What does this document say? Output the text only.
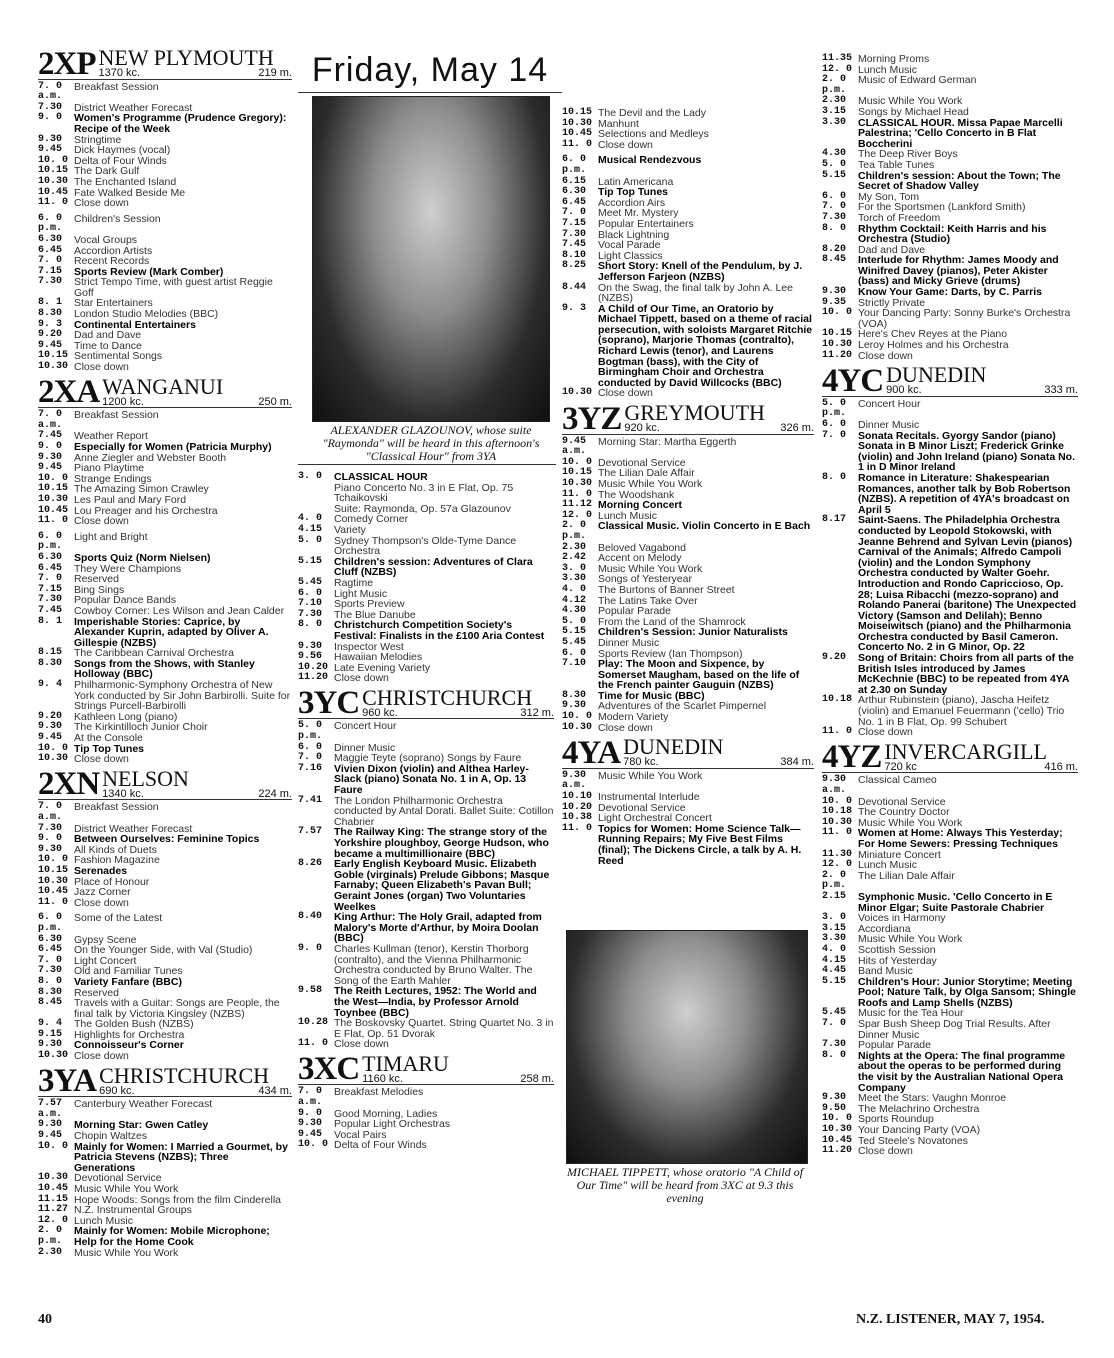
Friday, May 14
2XP NEW PLYMOUTH
1370 kc.	219 m.
7. 0 a.m.
Breakfast Session
7.30	District Weather Forecast
9. 0	Women's Programme (Prudence Gregory): Recipe of the Week
9.30	Stringtime
9.45	Dick Haymes (vocal)
10. 0 Delta of Four Winds
10.15 The Dark Gulf
10.30 The Enchanted Island
10.45 Fate Walked Beside Me
11. 0 Close down
6. 0 p.m.
Children's Session
6.30	Vocal Groups
6.45	Accordion Artists
7. 0	Recent Records
7.15	Sports Review (Mark Comber)
7.30	Strict Tempo Time, with guest artist Reggie Goff
8. 1	Star Entertainers
8.30	London Studio Melodies (BBC)
9. 3	Continental Entertainers
9.20	Dad and Dave
9.45	Time to Dance
10.15 Sentimental Songs
10.30 Close down
2XA WANGANUI
1200 kc.	250 m.
7. 0 a.m.
Breakfast Session
7.45	Weather Report
9. 0	Especially for Women (Patricia Murphy)
9.30	Anne Ziegler and Webster Booth
9.45	Piano Playtime
10. 0 Strange Endings
10.15 The Amazing Simon Crawley
10.30 Les Paul and Mary Ford
10.45 Lou Preager and his Orchestra
11. 0 Close down
6. 0 p.m.
Light and Bright
6.30	Sports Quiz (Norm Nielsen)
6.45	They Were Champions
7. 0	Reserved
7.15	Bing Sings
7.30	Popular Dance Bands
7.45	Cowboy Corner: Les Wilson and Jean Calder
8. 1	Imperishable Stories: Caprice, by Alexander Kuprin, adapted by Oliver A. Gillespie (NZBS)
8.15	The Caribbean Carnival Orchestra
8.30	Songs from the Shows, with Stanley Holloway (BBC)
9. 4	Philharmonic-Symphony Orchestra of New York conducted by Sir John Barbirolli. Suite for Strings Purcell-Barbirolli
9.20	Kathleen Long (piano)
9.30	The Kirkintilloch Junior Choir
9.45	At the Console
10. 0 Tip Top Tunes
10.30 Close down
2XN NELSON
1340 kc.	224 m.
7. 0 a.m.
Breakfast Session
7.30	District Weather Forecast
9. 0	Between Ourselves: Feminine Topics
9.30	All Kinds of Duets
10. 0 Fashion Magazine
10.15 Serenades
10.30 Place of Honour
10.45 Jazz Corner
11. 0 Close down
6. 0 p.m.
Some of the Latest
6.30	Gypsy Scene
6.45	On the Younger Side, with Val (Studio)
7. 0	Light Concert
7.30	Old and Familiar Tunes
8. 0	Variety Fanfare (BBC)
8.30	Reserved
8.45	Travels with a Guitar: Songs are People, the final talk by Victoria Kingsley (NZBS)
9. 4	The Golden Bush (NZBS)
9.15	Highlights for Orchestra
9.30	Connoisseur's Corner
10.30 Close down
3YA CHRISTCHURCH
690 kc.	434 m.
7.57 a.m.
Canterbury Weather Forecast
9.30	Morning Star: Gwen Catley
9.45	Chopin Waltzes
10. 0 Mainly for Women: I Married a Gourmet, by Patricia Stevens (NZBS); Three Generations
10.30 Devotional Service
10.45 Music While You Work
11.15 Hope Woods: Songs from the film Cinderella
11.27 N.Z. Instrumental Groups
12. 0 Lunch Music
2. 0 p.m.
Mainly for Women: Mobile Microphone; Help for the Home Cook
2.30	Music While You Work
3. 0	CLASSICAL HOUR
Piano Concerto No. 3 in E Flat, Op. 75 Tchaikovski
Suite: Raymonda, Op. 57a Glazounov
4. 0	Comedy Corner
4.15	Variety
5. 0	Sydney Thompson's Olde-Tyme Dance Orchestra
5.15	Children's session: Adventures of Clara Cluff (NZBS)
5.45	Ragtime
6. 0	Light Music
7.10	Sports Preview
7.30	The Blue Danube
8. 0	Christchurch Competition Society's Festival: Finalists in the £100 Aria Contest
9.30	Inspector West
9.56	Hawaiian Melodies
10.20 Late Evening Variety
11.20 Close down
3YC CHRISTCHURCH
960 kc.	312 m.
5. 0 p.m.
Concert Hour
6. 0	Dinner Music
7. 0	Maggie Teyte (soprano) Songs by Faure
7.16	Vivien Dixon (violin) and Althea Harley-Slack (piano) Sonata No. 1 in A, Op. 13 Faure
7.41	The London Philharmonic Orchestra conducted by Antal Dorati. Ballet Suite: Cotillon Chabrier
7.57	The Railway King: The strange story of the Yorkshire ploughboy, George Hudson, who became a multimillionaire (BBC)
8.26	Early English Keyboard Music. Elizabeth Goble (virginals) Prelude Gibbons; Masque Farnaby; Queen Elizabeth's Pavan Bull; Geraint Jones (organ) Two Voluntaries Weelkes
8.40	King Arthur: The Holy Grail, adapted from Malory's Morte d'Arthur, by Moira Doolan (BBC)
9. 0	Charles Kullman (tenor), Kerstin Thorborg (contralto), and the Vienna Philharmonic Orchestra conducted by Bruno Walter. The Song of the Earth Mahler
9.58	The Reith Lectures, 1952: The World and the West—India, by Professor Arnold Toynbee (BBC)
10.28 The Boskovsky Quartet. String Quartet No. 3 in E Flat, Op. 51 Dvorak
11. 0 Close down
3XC TIMARU
1160 kc.	258 m.
7. 0 a.m.
Breakfast Melodies
9. 0	Good Morning, Ladies
9.30	Popular Light Orchestras
9.45	Vocal Pairs
10. 0 Delta of Four Winds
10.15 The Devil and the Lady
10.30 Manhunt
10.45 Selections and Medleys
11. 0 Close down
6. 0 p.m.
Musical Rendezvous
6.15	Latin Americana
6.30	Tip Top Tunes
6.45	Accordion Airs
7. 0	Meet Mr. Mystery
7.15	Popular Entertainers
7.30	Black Lightning
7.45	Vocal Parade
8.10	Light Classics
8.25	Short Story: Knell of the Pendulum, by J. Jefferson Farjeon (NZBS)
8.44	On the Swag, the final talk by John A. Lee (NZBS)
9. 3	A Child of Our Time, an Oratorio by Michael Tippett, based on a theme of racial persecution, with soloists Margaret Ritchie (soprano), Marjorie Thomas (contralto), Richard Lewis (tenor), and Laurens Bogtman (bass), with the City of Birmingham Choir and Orchestra conducted by David Willcocks (BBC)
10.30 Close down
3YZ GREYMOUTH
920 kc.	326 m.
9.45 a.m.
Morning Star: Martha Eggerth
10. 0 Devotional Service
10.15 The Lilian Dale Affair
10.30 Music While You Work
11. 0 The Woodshank
11.12 Morning Concert
12. 0 Lunch Music
2. 0 p.m.
Classical Music. Violin Concerto in E Bach
2.30	Beloved Vagabond
2.42	Accent on Melody
3. 0	Music While You Work
3.30	Songs of Yesteryear
4. 0	The Burtons of Banner Street
4.12	The Latins Take Over
4.30	Popular Parade
5. 0	From the Land of the Shamrock
5.15	Children's Session: Junior Naturalists
5.45	Dinner Music
6. 0	Sports Review (Ian Thompson)
7.10	Play: The Moon and Sixpence, by Somerset Maugham, based on the life of the French painter Gauguin (NZBS)
8.30	Time for Music (BBC)
9.30	Adventures of the Scarlet Pimpernel
10. 0 Modern Variety
10.30 Close down
4YA DUNEDIN
780 kc.	384 m.
9.30 a.m.
Music While You Work
10.10 Instrumental Interlude
10.20 Devotional Service
10.38 Light Orchestral Concert
11. 0 Topics for Women: Home Science Talk—Running Repairs; My Five Best Films (final); The Dickens Circle, a talk by A. H. Reed
11.35 Morning Proms
12. 0 Lunch Music
2. 0 p.m.
Music of Edward German
2.30	Music While You Work
3.15	Songs by Michael Head
3.30	CLASSICAL HOUR. Missa Papae Marcelli Palestrina; 'Cello Concerto in B Flat Boccherini
4.30	The Deep River Boys
5. 0	Tea Table Tunes
5.15	Children's session: About the Town; The Secret of Shadow Valley
6. 0	My Son, Tom
7. 0	For the Sportsmen (Lankford Smith)
7.30	Torch of Freedom
8. 0	Rhythm Cocktail: Keith Harris and his Orchestra (Studio)
8.20	Dad and Dave
8.45	Interlude for Rhythm: James Moody and Winifred Davey (pianos), Peter Akister (bass) and Micky Grieve (drums)
9.30	Know Your Game: Darts, by C. Parris
9.35	Strictly Private
10. 0 Your Dancing Party: Sonny Burke's Orchestra (VOA)
10.15 Here's Chev Reyes at the Piano
10.30 Leroy Holmes and his Orchestra
11.20 Close down
4YC DUNEDIN
900 kc.	333 m.
5. 0 p.m.
Concert Hour
6. 0	Dinner Music
7. 0	Sonata Recitals. Gyorgy Sandor (piano) Sonata in B Minor Liszt; Frederick Grinke (violin) and John Ireland (piano) Sonata No. 1 in D Minor Ireland
8. 0	Romance in Literature: Shakespearian Romances, another talk by Bob Robertson (NZBS). A repetition of 4YA's broadcast on April 5
8.17	Saint-Saens. The Philadelphia Orchestra conducted by Leopold Stokowski, with Jeanne Behrend and Sylvan Levin (pianos) Carnival of the Animals; Alfredo Campoli (violin) and the London Symphony Orchestra conducted by Walter Goehr. Introduction and Rondo Capriccioso, Op. 28; Luisa Ribacchi (mezzo-soprano) and Rolando Panerai (baritone) The Unexpected Victory (Samson and Delilah); Benno Moiseiwitsch (piano) and the Philharmonia Orchestra conducted by Basil Cameron. Concerto No. 2 in G Minor, Op. 22
9.20	Song of Britain: Choirs from all parts of the British Isles introduced by James McKechnie (BBC) to be repeated from 4YA at 2.30 on Sunday
10.18 Arthur Rubinstein (piano), Jascha Heifetz (violin) and Emanuel Feuermann ('cello) Trio No. 1 in B Flat, Op. 99 Schubert
11. 0 Close down
4YZ INVERCARGILL
720 kc	416 m.
9.30 a.m.
Classical Cameo
10. 0 Devotional Service
10.18 The Country Doctor
10.30 Music While You Work
11. 0 Women at Home: Always This Yesterday; For Home Sewers: Pressing Techniques
11.30 Miniature Concert
12. 0 Lunch Music
2. 0 p.m.
The Lilian Dale Affair
2.15	Symphonic Music. 'Cello Concerto in E Minor Elgar; Suite Pastorale Chabrier
3. 0	Voices in Harmony
3.15	Accordiana
3.30	Music While You Work
4. 0	Scottish Session
4.15	Hits of Yesterday
4.45	Band Music
5.15	Children's Hour: Junior Storytime; Meeting Pool; Nature Talk, by Olga Sansom; Shingle Roofs and Lamp Shells (NZBS)
5.45	Music for the Tea Hour
7. 0	Spar Bush Sheep Dog Trial Results. After Dinner Music
7.30	Popular Parade
8. 0	Nights at the Opera: The final programme about the operas to be performed during the visit by the Australian National Opera Company
9.30	Meet the Stars: Vaughn Monroe
9.50	The Melachrino Orchestra
10. 0 Sports Roundup
10.30 Your Dancing Party (VOA)
10.45 Ted Steele's Novatones
11.20 Close down
ALEXANDER GLAZOUNOV, whose suite "Raymonda" will be heard in this afternoon's "Classical Hour" from 3YA
MICHAEL TIPPETT, whose oratorio "A Child of Our Time" will be heard from 3XC at 9.3 this evening
40	N.Z. LISTENER, MAY 7, 1954.
